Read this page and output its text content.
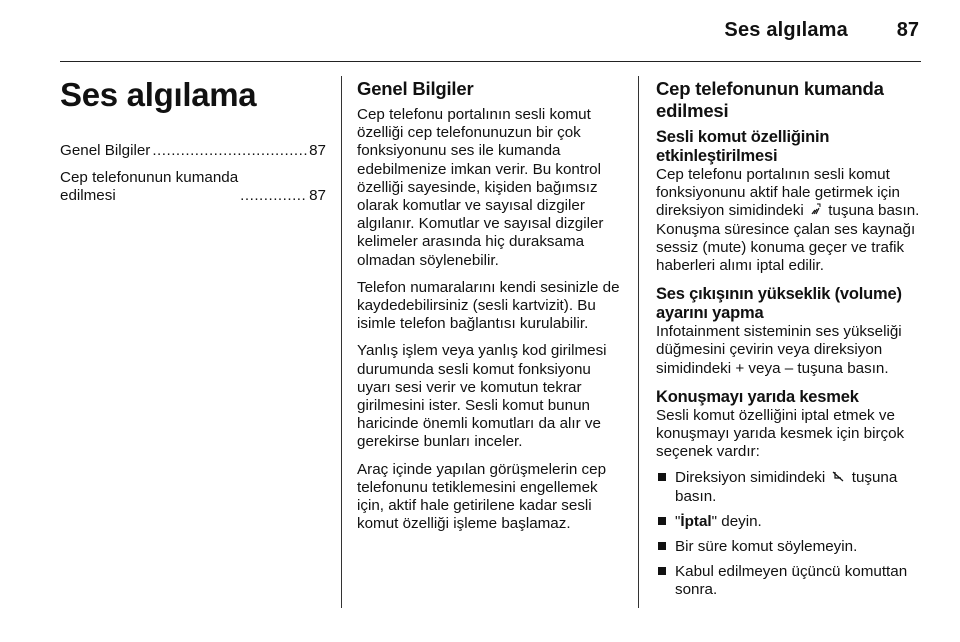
Ses algılama 87
Ses algılama
Genel Bilgiler .....	87
Cep telefonunun kumanda
edilmesi .....	87
Genel Bilgiler

Cep telefonu portalının sesli komut özelliği cep telefonunuzun bir çok fonksiyonunu ses ile kumanda edebilmenize imkan verir. Bu kontrol özelliği sayesinde, kişiden bağımsız olarak komutlar ve sayısal dizgiler algılanır. Komutlar ve sayısal dizgiler kelimeler arasında hiç duraksama olmadan söylenebilir.

Telefon numaralarını kendi sesinizle de kaydedebilirsiniz (sesli kartvizit). Bu isimle telefon bağlantısı kurulabilir.

Yanlış işlem veya yanlış kod girilmesi durumunda sesli komut fonksiyonu uyarı sesi verir ve komutun tekrar girilmesini ister. Sesli komut bunun haricinde önemli komutları da alır ve gerekirse bunları inceler.

Araç içinde yapılan görüşmelerin cep telefonunu tetiklemesini engellemek için, aktif hale getirilene kadar sesli komut özelliği işleme başlamaz.

Cep telefonunun kumanda edilmesi
Sesli komut özelliğinin etkinleştirilmesi
Cep telefonu portalının sesli komut fonksiyonunu aktif hale getirmek için direksiyon simidindeki tuşuna basın. Konuşma süresince çalan ses kaynağı sessiz (mute) konuma geçer ve trafik haberleri alımı iptal edilir.
Ses çıkışının yükseklik (volume) ayarını yapma
Infotainment sisteminin ses yükseliği düğmesini çevirin veya direksiyon simidindeki + veya – tuşuna basın.
Konuşmayı yarıda kesmek

Sesli komut özelliğini iptal etmek ve konuşmayı yarıda kesmek için birçok seçenek vardır:

Direksiyon simidindeki tuşuna basın.
"İptal" deyin.
Bir süre komut söylemeyin.
Kabul edilmeyen üçüncü komuttan sonra.
